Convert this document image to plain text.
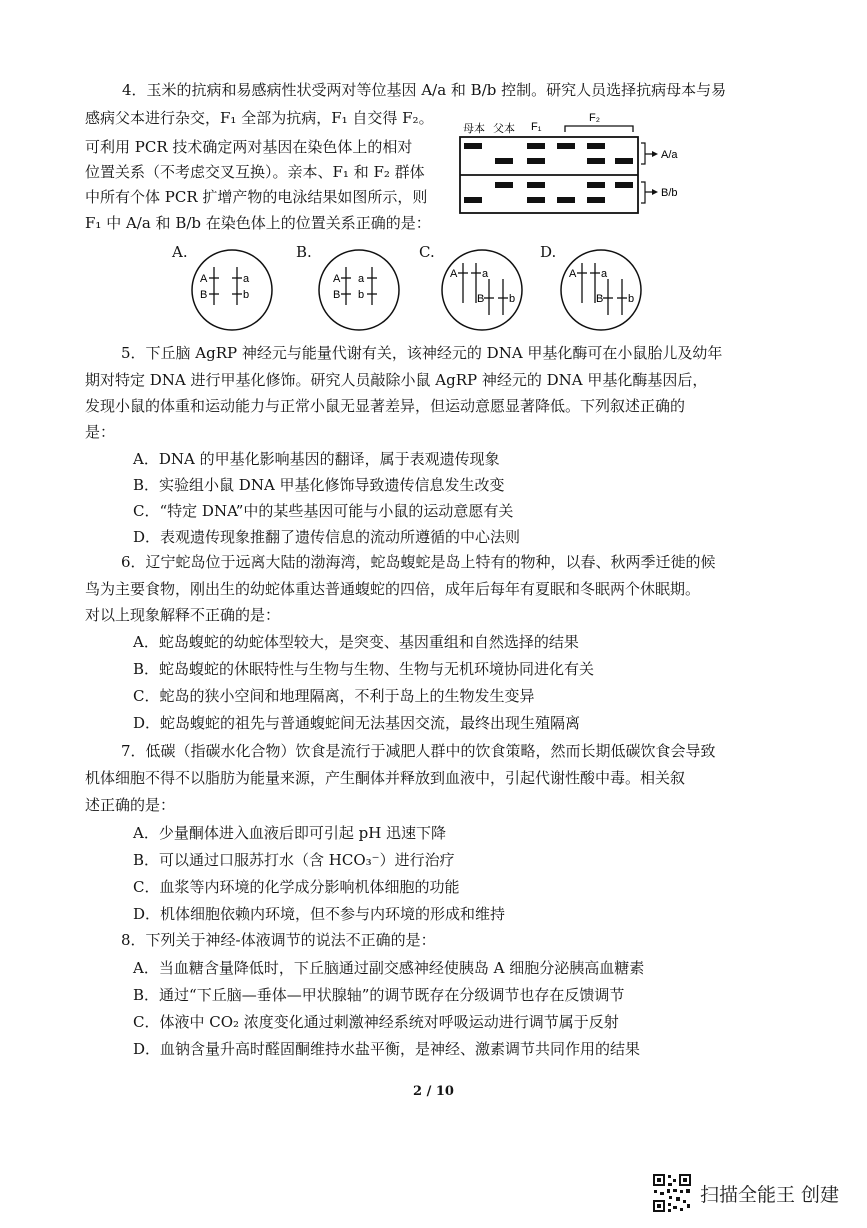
4．玉米的抗病和易感病性状受两对等位基因 A/a 和 B/b 控制。研究人员选择抗病母本与易
感病父本进行杂交，F₁ 全部为抗病，F₁ 自交得 F₂。
可利用 PCR 技术确定两对基因在染色体上的相对
位置关系（不考虑交叉互换）。亲本、F₁ 和 F₂ 群体
中所有个体 PCR 扩增产物的电泳结果如图所示，则
F₁ 中 A/a 和 B/b 在染色体上的位置关系正确的是：
母本 父本 F₁
F₂
A/a
B/b
A.
A	a
B	b
B.
A a
B b
C.
A a
B b
D.
A a
B b
5．下丘脑 AgRP 神经元与能量代谢有关，该神经元的 DNA 甲基化酶可在小鼠胎儿及幼年
期对特定 DNA 进行甲基化修饰。研究人员敲除小鼠 AgRP 神经元的 DNA 甲基化酶基因后，
发现小鼠的体重和运动能力与正常小鼠无显著差异，但运动意愿显著降低。下列叙述正确的
是：
A．DNA 的甲基化影响基因的翻译，属于表观遗传现象
B．实验组小鼠 DNA 甲基化修饰导致遗传信息发生改变
C．“特定 DNA”中的某些基因可能与小鼠的运动意愿有关
D．表观遗传现象推翻了遗传信息的流动所遵循的中心法则
6．辽宁蛇岛位于远离大陆的渤海湾，蛇岛蝮蛇是岛上特有的物种，以春、秋两季迁徙的候
鸟为主要食物，刚出生的幼蛇体重达普通蝮蛇的四倍，成年后每年有夏眠和冬眠两个休眠期。
对以上现象解释不正确的是：
A．蛇岛蝮蛇的幼蛇体型较大，是突变、基因重组和自然选择的结果
B．蛇岛蝮蛇的休眠特性与生物与生物、生物与无机环境协同进化有关
C．蛇岛的狭小空间和地理隔离，不利于岛上的生物发生变异
D．蛇岛蝮蛇的祖先与普通蝮蛇间无法基因交流，最终出现生殖隔离
7．低碳（指碳水化合物）饮食是流行于减肥人群中的饮食策略，然而长期低碳饮食会导致
机体细胞不得不以脂肪为能量来源，产生酮体并释放到血液中，引起代谢性酸中毒。相关叙
述正确的是：
A．少量酮体进入血液后即可引起 pH 迅速下降
B．可以通过口服苏打水（含 HCO₃⁻）进行治疗
C．血浆等内环境的化学成分影响机体细胞的功能
D．机体细胞依赖内环境，但不参与内环境的形成和维持
8．下列关于神经-体液调节的说法不正确的是：
A．当血糖含量降低时，下丘脑通过副交感神经使胰岛 A 细胞分泌胰高血糖素
B．通过“下丘脑—垂体—甲状腺轴”的调节既存在分级调节也存在反馈调节
C．体液中 CO₂ 浓度变化通过刺激神经系统对呼吸运动进行调节属于反射
D．血钠含量升高时醛固酮维持水盐平衡，是神经、激素调节共同作用的结果
2 / 10
扫描全能王 创建
